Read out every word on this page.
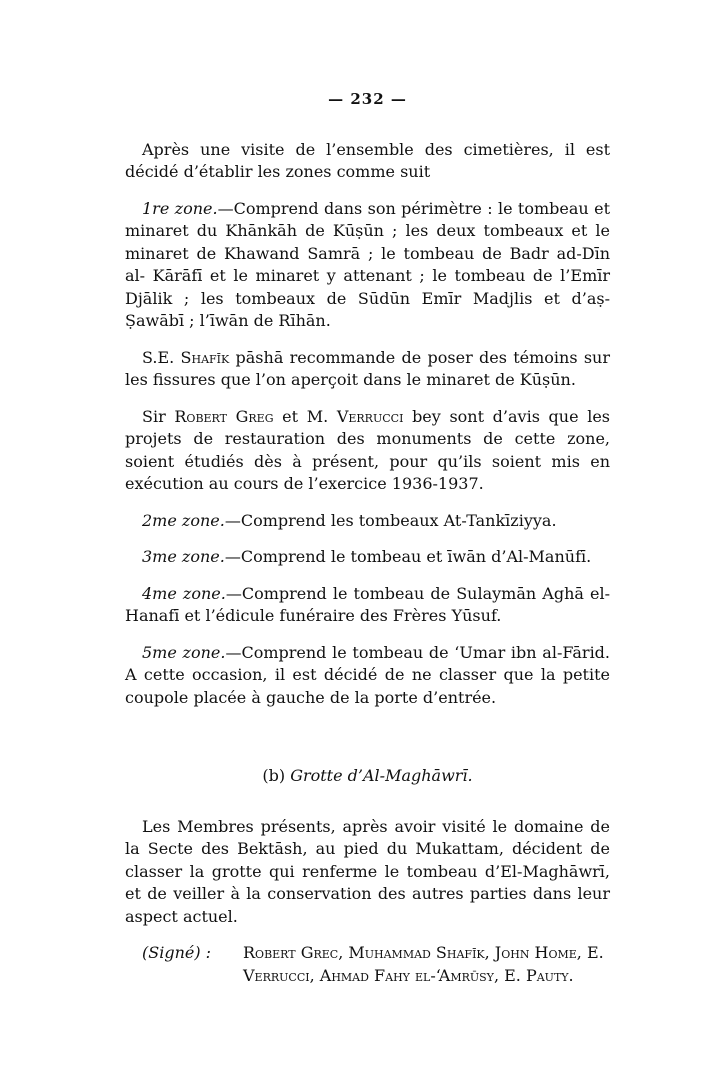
— 232 —

Après une visite de l’ensemble des cimetières, il est décidé d’établir les zones comme suit

1re zone.—Comprend dans son périmètre : le tombeau et minaret du Khānkāh de Kūṣūn ; les deux tombeaux et le minaret de Khawand Samrā ; le tombeau de Badr ad-Dīn al- Kārāfī et le minaret y attenant ; le tombeau de l’Emīr Djālik ; les tombeaux de Sūdūn Emīr Madjlis et d’aṣ-Ṣawābī ; l’īwān de Rīhān.

S.E. Shafīk pāshā recommande de poser des témoins sur les fissures que l’on aperçoit dans le minaret de Kūṣūn.

Sir Robert Greg et M. Verrucci bey sont d’avis que les projets de restauration des monuments de cette zone, soient étudiés dès à présent, pour qu’ils soient mis en exécution au cours de l’exercice 1936-1937.

2me zone.—Comprend les tombeaux At-Tankīziyya.

3me zone.—Comprend le tombeau et īwān d’Al-Manūfī.

4me zone.—Comprend le tombeau de Sulaymān Aghā el-Hanafī et l’édicule funéraire des Frères Yūsuf.

5me zone.—Comprend le tombeau de ‘Umar ibn al-Fārid. A cette occasion, il est décidé de ne classer que la petite coupole placée à gauche de la porte d’entrée.

(b) Grotte d’Al-Maghāwrī.

Les Membres présents, après avoir visité le domaine de la Secte des Bektāsh, au pied du Mukattam, décident de classer la grotte qui renferme le tombeau d’El-Maghāwrī, et de veiller à la conservation des autres parties dans leur aspect actuel.

(Signé) :	Robert Grec, Muhammad Shafīk, John Home, E. Verrucci, Ahmad Fahy el-‘Amrūsy, E. Pauty.
